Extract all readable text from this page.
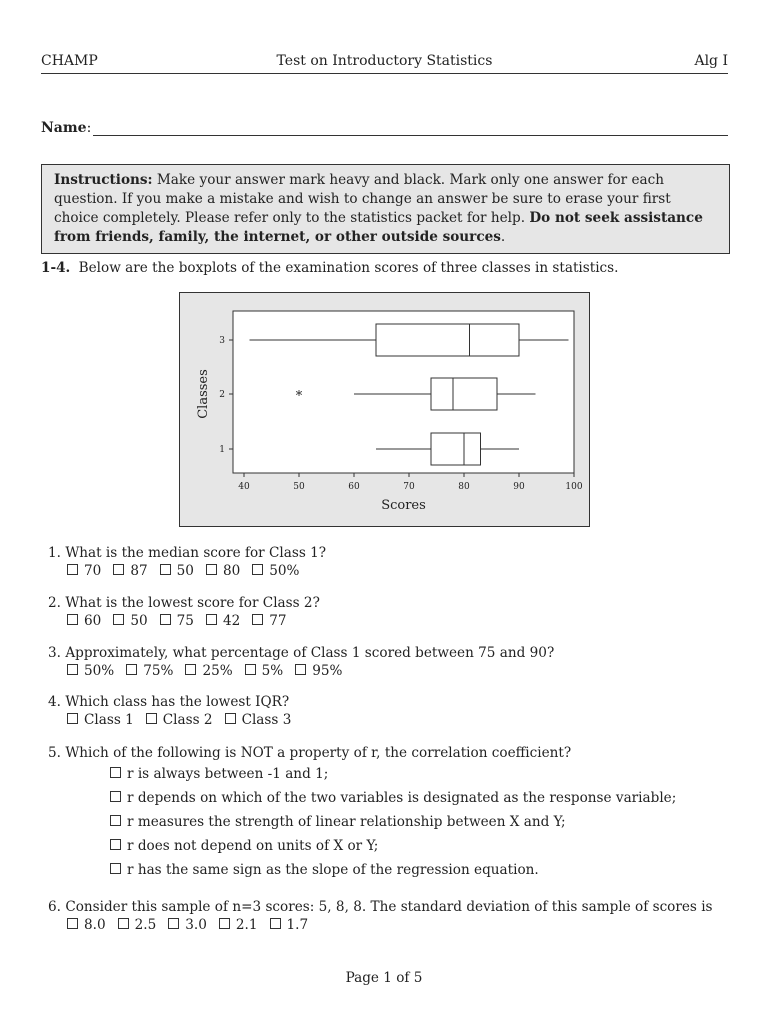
CHAMP	Test on Introductory Statistics	Alg I
Name:
Instructions: Make your answer mark heavy and black. Mark only one answer for each question. If you make a mistake and wish to change an answer be sure to erase your first choice completely. Please refer only to the statistics packet for help. Do not seek assistance from friends, family, the internet, or other outside sources.
1-4. Below are the boxplots of the examination scores of three classes in statistics.
40	50	60	70	80	90	100
1
2
3
Scores
Classes	*
1. What is the median score for Class 1?
70 87 50 80 50%
2. What is the lowest score for Class 2?
60 50 75 42 77
3. Approximately, what percentage of Class 1 scored between 75 and 90?
50% 75% 25% 5% 95%
4. Which class has the lowest IQR?
Class 1 Class 2 Class 3
5. Which of the following is NOT a property of r, the correlation coefficient?
r is always between -1 and 1;
r depends on which of the two variables is designated as the response variable;
r measures the strength of linear relationship between X and Y;
r does not depend on units of X or Y;
r has the same sign as the slope of the regression equation.
6. Consider this sample of n=3 scores: 5, 8, 8. The standard deviation of this sample of scores is
8.0 2.5 3.0 2.1 1.7
Page 1 of 5
